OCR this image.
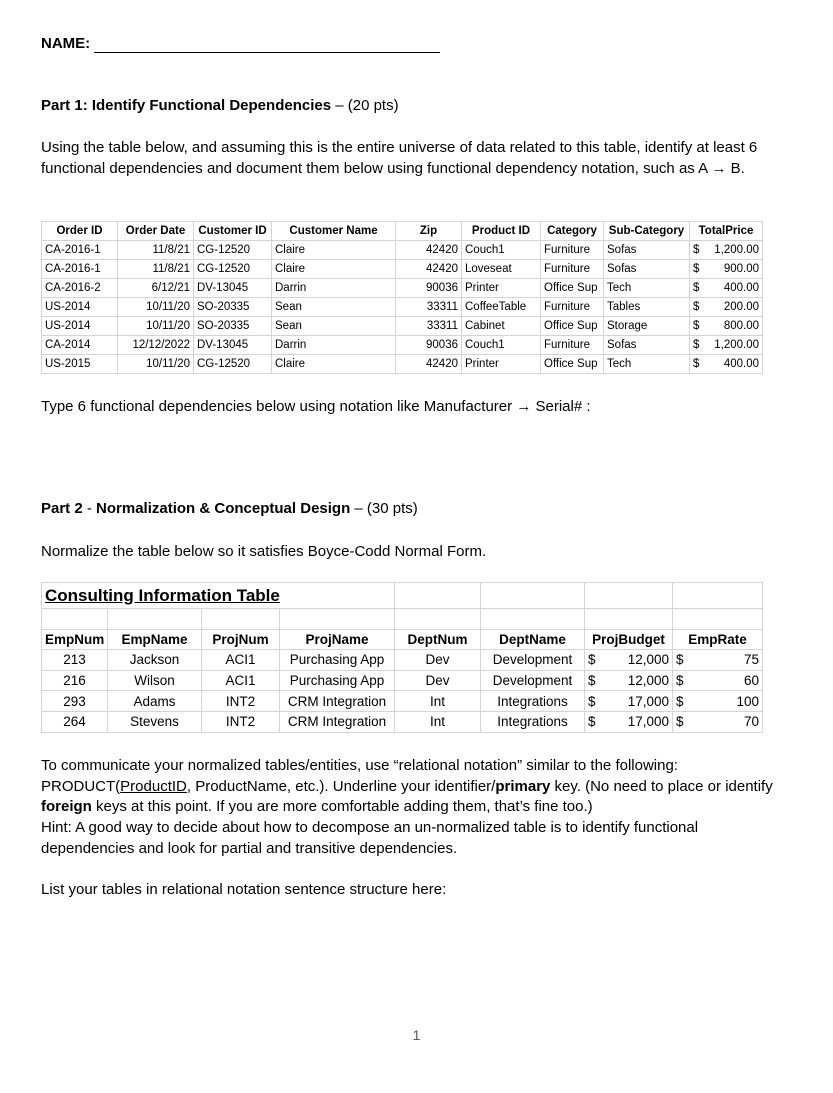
NAME:
Part 1: Identify Functional Dependencies – (20 pts)
Using the table below, and assuming this is the entire universe of data related to this table, identify at least 6 functional dependencies and document them below using functional dependency notation, such as A → B.
Order ID	Order Date	Customer ID	Customer Name	Zip	Product ID	Category	Sub-Category	TotalPrice
CA-2016-1	11/8/21	CG-12520	Claire	42420	Couch1	Furniture	Sofas	$ 1,200.00

CA-2016-1	11/8/21	CG-12520	Claire	42420	Loveseat	Furniture	Sofas	$ 900.00

CA-2016-2	6/12/21	DV-13045	Darrin	90036	Printer	Office Sup	Tech	$ 400.00

US-2014	10/11/20	SO-20335	Sean	33311	CoffeeTable	Furniture	Tables	$ 200.00

US-2014	10/11/20	SO-20335	Sean	33311	Cabinet	Office Sup	Storage	$ 800.00

CA-2014	12/12/2022	DV-13045	Darrin	90036	Couch1	Furniture	Sofas	$ 1,200.00

US-2015	10/11/20	CG-12520	Claire	42420	Printer	Office Sup	Tech	$ 400.00
Type 6 functional dependencies below using notation like Manufacturer → Serial# :
Part 2 - Normalization & Conceptual Design – (30 pts)
Normalize the table below so it satisfies Boyce-Codd Normal Form.
Consulting Information Table							

EmpNum	EmpName	ProjNum	ProjName	DeptNum	DeptName	ProjBudget	EmpRate
213	Jackson	ACI1	Purchasing App	Dev	Development	$ 12,000	$ 75

216	Wilson	ACI1	Purchasing App	Dev	Development	$ 12,000	$ 60

293	Adams	INT2	CRM Integration	Int	Integrations	$ 17,000	$ 100

264	Stevens	INT2	CRM Integration	Int	Integrations	$ 17,000	$ 70
To communicate your normalized tables/entities, use “relational notation” similar to the following: PRODUCT(ProductID, ProductName, etc.). Underline your identifier/primary key. (No need to place or identify foreign keys at this point. If you are more comfortable adding them, that’s fine too.)
Hint: A good way to decide about how to decompose an un-normalized table is to identify functional dependencies and look for partial and transitive dependencies.
List your tables in relational notation sentence structure here:
1
